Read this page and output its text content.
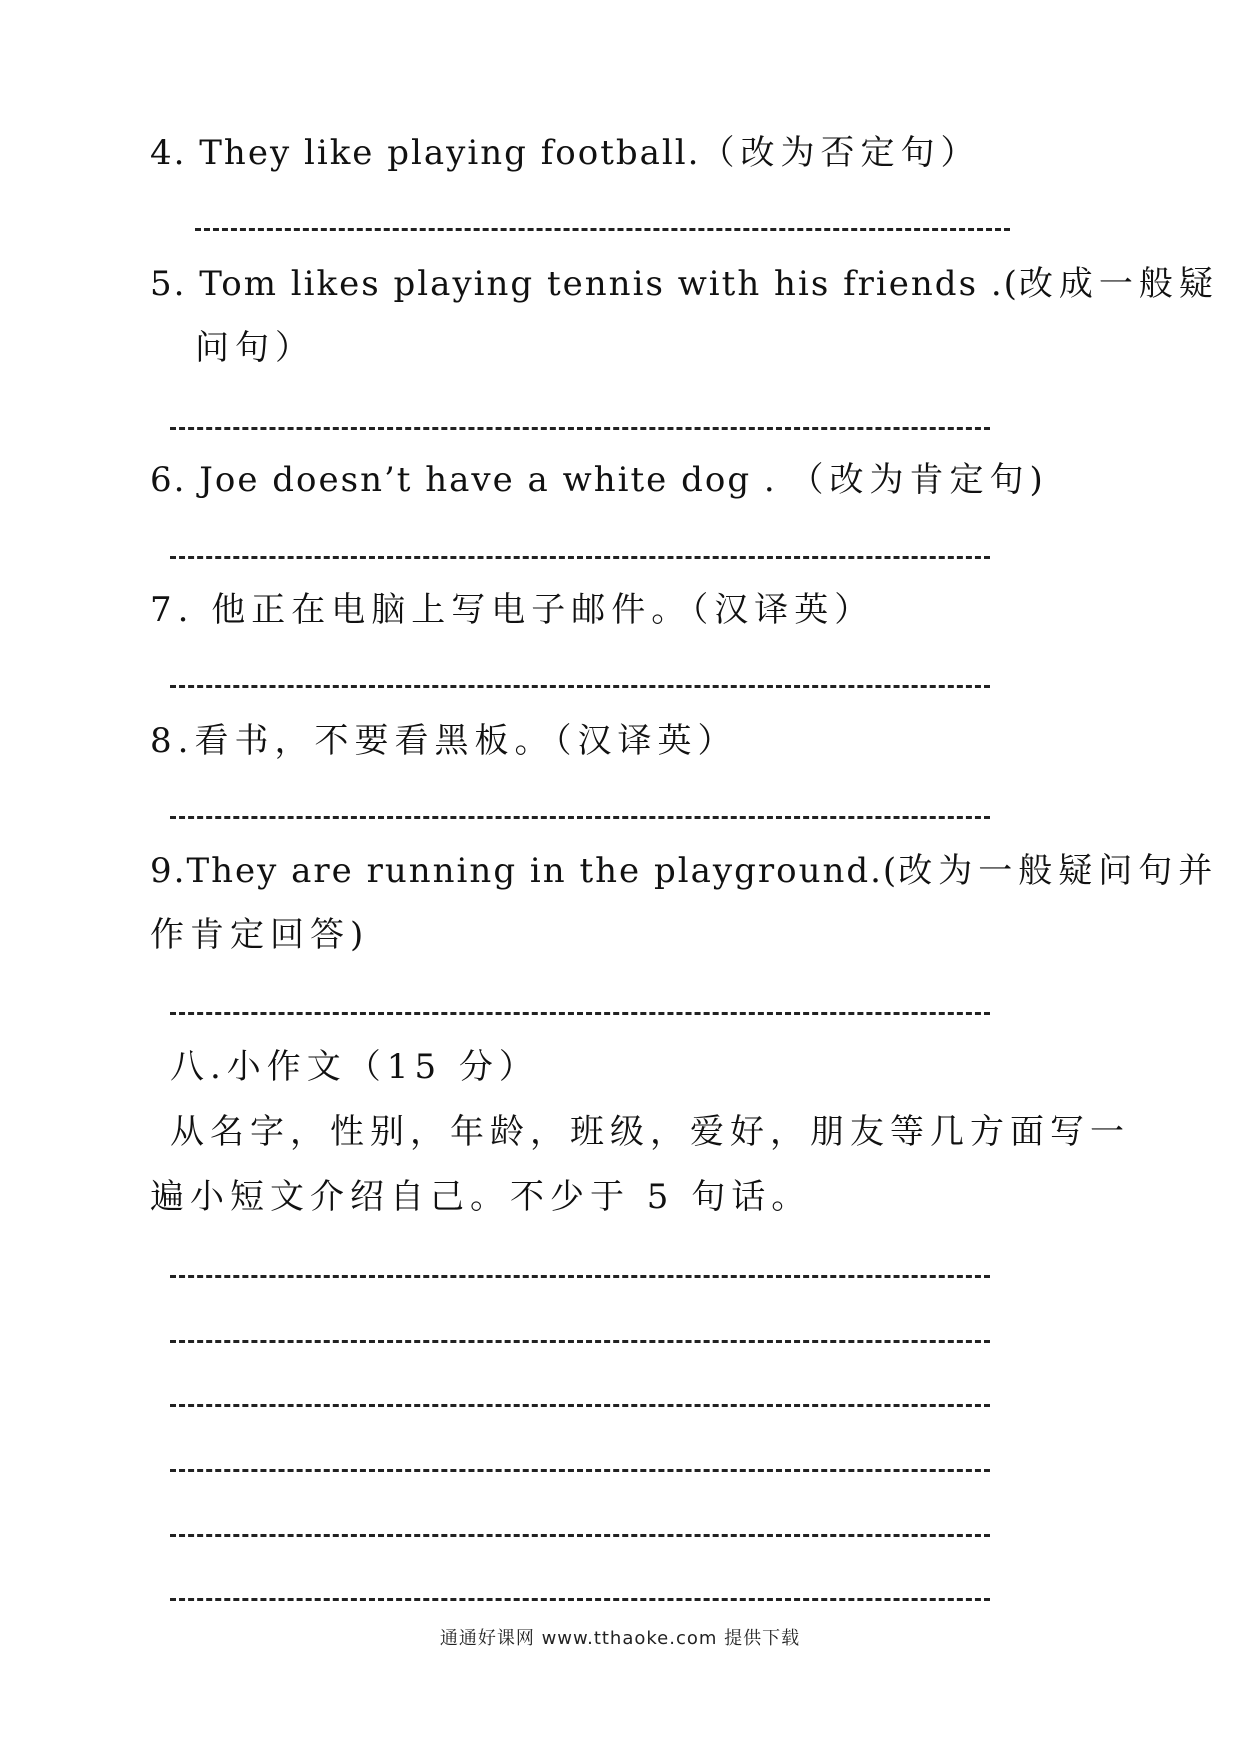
4. They like playing football.（改为否定句）
5. Tom likes playing tennis with his friends .(改成一般疑
问句）
6. Joe doesn’t have a white dog . （改为肯定句)
7. 他正在电脑上写电子邮件。（汉译英）
8.看书，不要看黑板。（汉译英）
9.They are running in the playground.(改为一般疑问句并
作肯定回答)
八.小作文（15 分）
从名字，性别，年龄，班级，爱好，朋友等几方面写一
遍小短文介绍自己。不少于 5 句话。
通通好课网 www.tthaoke.com 提供下载
